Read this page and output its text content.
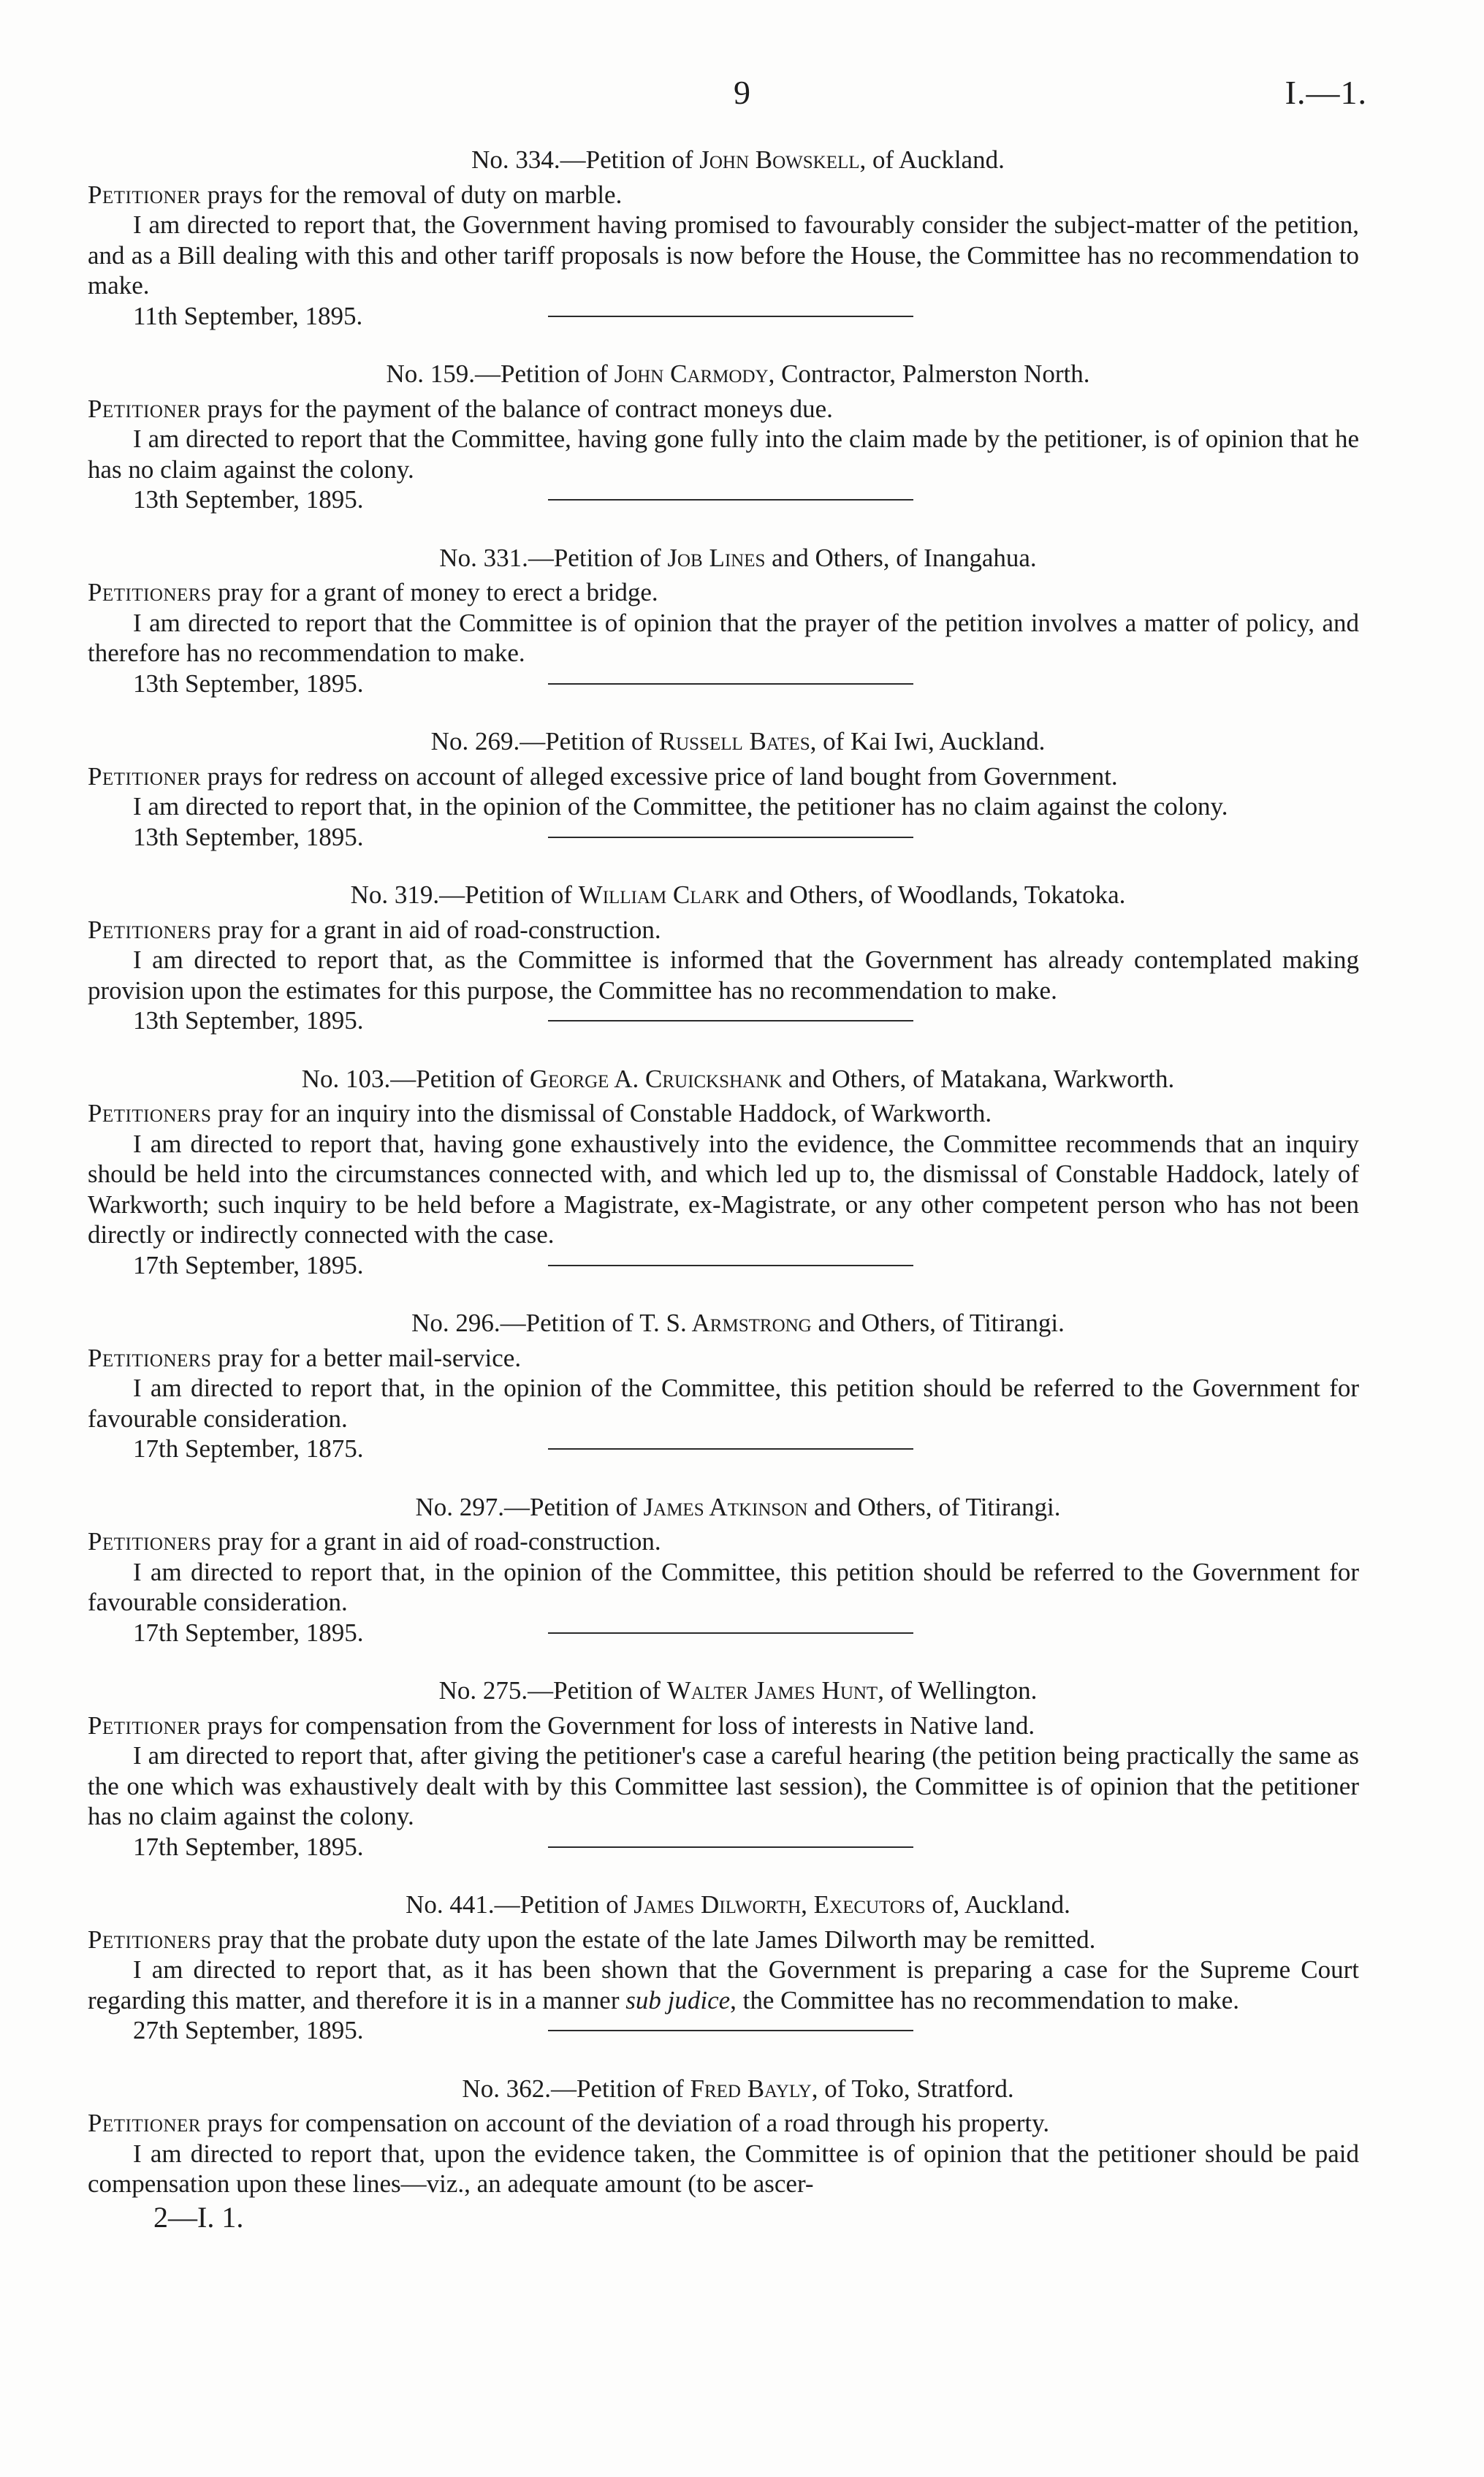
9	I.—1.

No. 334.—Petition of John Bowskell, of Auckland.

Petitioner prays for the removal of duty on marble.

I am directed to report that, the Government having promised to favourably consider the subject-matter of the petition, and as a Bill dealing with this and other tariff proposals is now before the House, the Committee has no recommendation to make.

11th September, 1895.

No. 159.—Petition of John Carmody, Contractor, Palmerston North.

Petitioner prays for the payment of the balance of contract moneys due.

I am directed to report that the Committee, having gone fully into the claim made by the petitioner, is of opinion that he has no claim against the colony.

13th September, 1895.

No. 331.—Petition of Job Lines and Others, of Inangahua.

Petitioners pray for a grant of money to erect a bridge.

I am directed to report that the Committee is of opinion that the prayer of the petition involves a matter of policy, and therefore has no recommendation to make.

13th September, 1895.

No. 269.—Petition of Russell Bates, of Kai Iwi, Auckland.

Petitioner prays for redress on account of alleged excessive price of land bought from Government.

I am directed to report that, in the opinion of the Committee, the petitioner has no claim against the colony.

13th September, 1895.

No. 319.—Petition of William Clark and Others, of Woodlands, Tokatoka.

Petitioners pray for a grant in aid of road-construction.

I am directed to report that, as the Committee is informed that the Government has already contemplated making provision upon the estimates for this purpose, the Committee has no recommendation to make.

13th September, 1895.

No. 103.—Petition of George A. Cruickshank and Others, of Matakana, Warkworth.

Petitioners pray for an inquiry into the dismissal of Constable Haddock, of Warkworth.

I am directed to report that, having gone exhaustively into the evidence, the Committee recommends that an inquiry should be held into the circumstances connected with, and which led up to, the dismissal of Constable Haddock, lately of Warkworth; such inquiry to be held before a Magistrate, ex-Magistrate, or any other competent person who has not been directly or indirectly connected with the case.

17th September, 1895.

No. 296.—Petition of T. S. Armstrong and Others, of Titirangi.

Petitioners pray for a better mail-service.

I am directed to report that, in the opinion of the Committee, this petition should be referred to the Government for favourable consideration.

17th September, 1875.

No. 297.—Petition of James Atkinson and Others, of Titirangi.

Petitioners pray for a grant in aid of road-construction.

I am directed to report that, in the opinion of the Committee, this petition should be referred to the Government for favourable consideration.

17th September, 1895.

No. 275.—Petition of Walter James Hunt, of Wellington.

Petitioner prays for compensation from the Government for loss of interests in Native land.

I am directed to report that, after giving the petitioner's case a careful hearing (the petition being practically the same as the one which was exhaustively dealt with by this Committee last session), the Committee is of opinion that the petitioner has no claim against the colony.

17th September, 1895.

No. 441.—Petition of James Dilworth, Executors of, Auckland.

Petitioners pray that the probate duty upon the estate of the late James Dilworth may be remitted.

I am directed to report that, as it has been shown that the Government is preparing a case for the Supreme Court regarding this matter, and therefore it is in a manner sub judice, the Committee has no recommendation to make.

27th September, 1895.

No. 362.—Petition of Fred Bayly, of Toko, Stratford.

Petitioner prays for compensation on account of the deviation of a road through his property.

I am directed to report that, upon the evidence taken, the Committee is of opinion that the petitioner should be paid compensation upon these lines—viz., an adequate amount (to be ascer-

2—I. 1.
